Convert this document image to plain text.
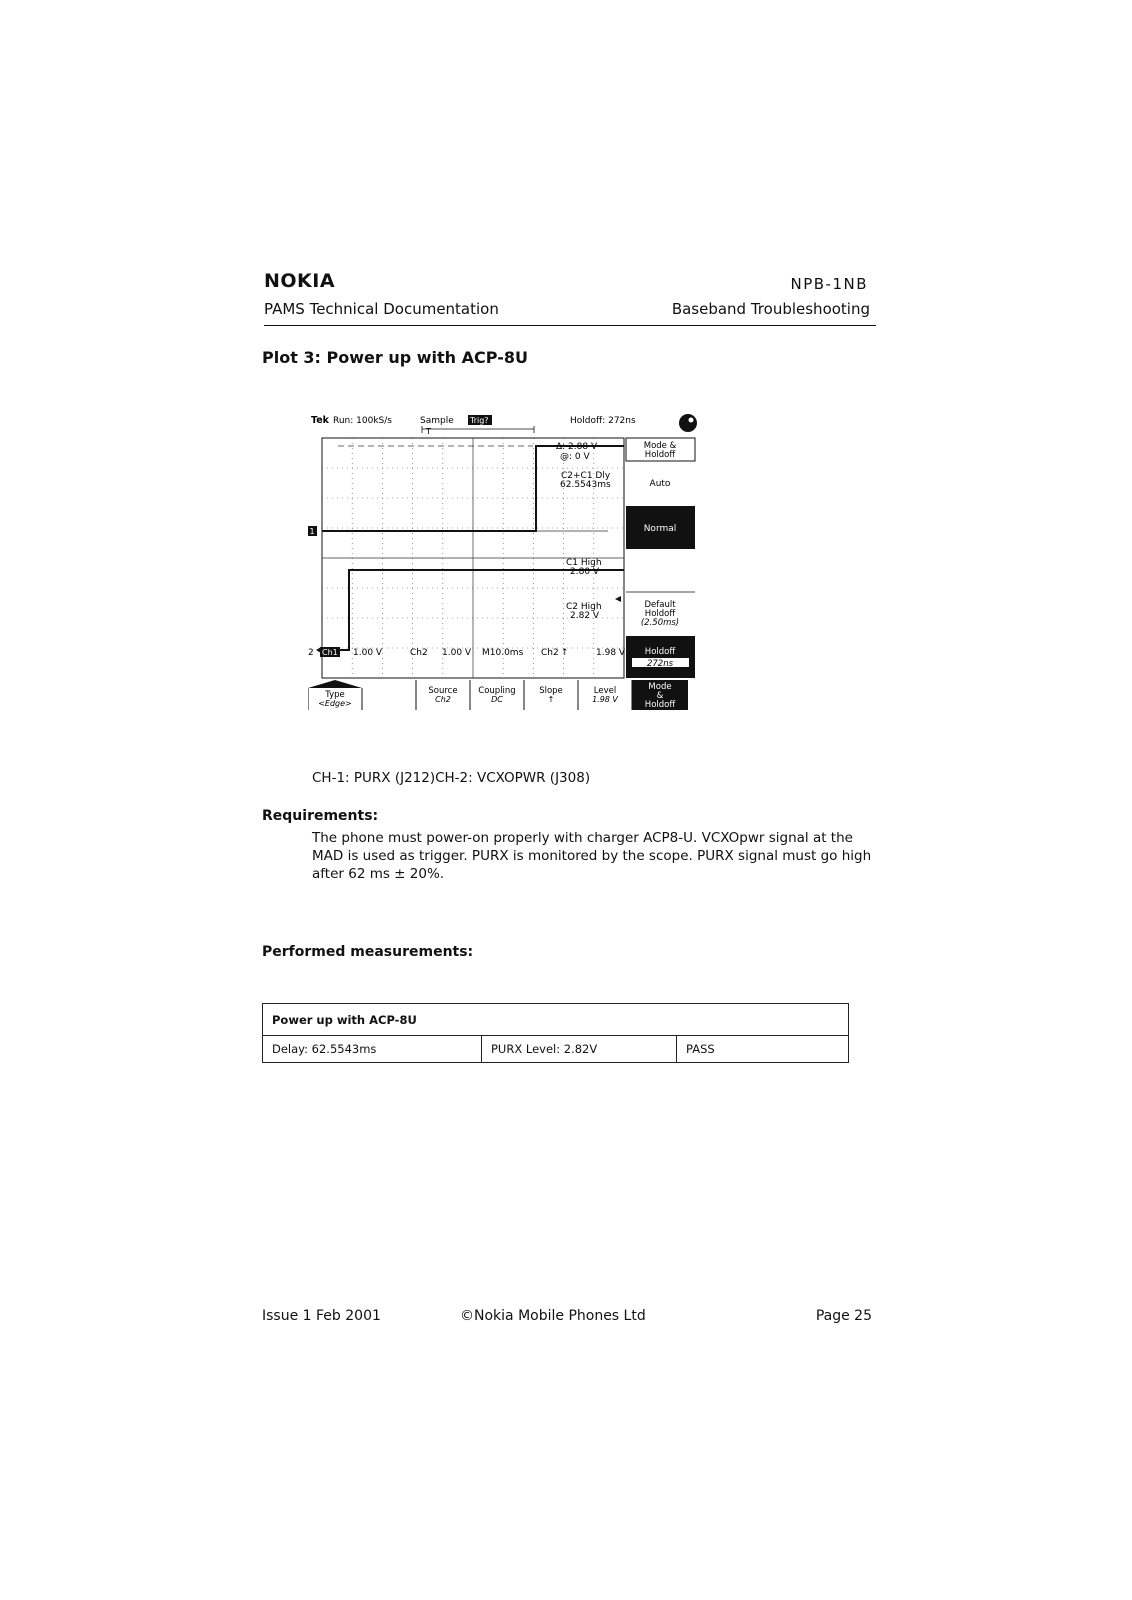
NOKIA	NPB-1NB
PAMS Technical Documentation	Baseband Troubleshooting
Plot 3: Power up with ACP-8U
Tek Run: 100kS/s	Sample Trig?	Holdoff: 272ns
T
1
2
Δ: 2.88 V
@: 0 V
C2+C1 Dly
62.5543ms
C1 High
2.80 V
C2 High
2.82 V
Ch1 1.00 V	Ch2 1.00 V M10.0ms Ch2 ↑	1.98 V
Mode &
Holdoff
Auto
Normal
Default
Holdoff
(2.50ms)
Holdoff
272ns
Type
<Edge>
Source
Ch2
Coupling
DC
Slope
↑
Level
1.98 V
Mode
&
Holdoff
CH-1: PURX (J212)CH-2: VCXOPWR (J308)
Requirements:
The phone must power-on properly with charger ACP8-U. VCXOpwr signal at the MAD is used as trigger. PURX is monitored by the scope. PURX signal must go high after 62 ms ± 20%.
Performed measurements:
Power up with ACP-8U
Delay: 62.5543ms	PURX Level: 2.82V	PASS
Issue 1 Feb 2001	©Nokia Mobile Phones Ltd	Page 25
